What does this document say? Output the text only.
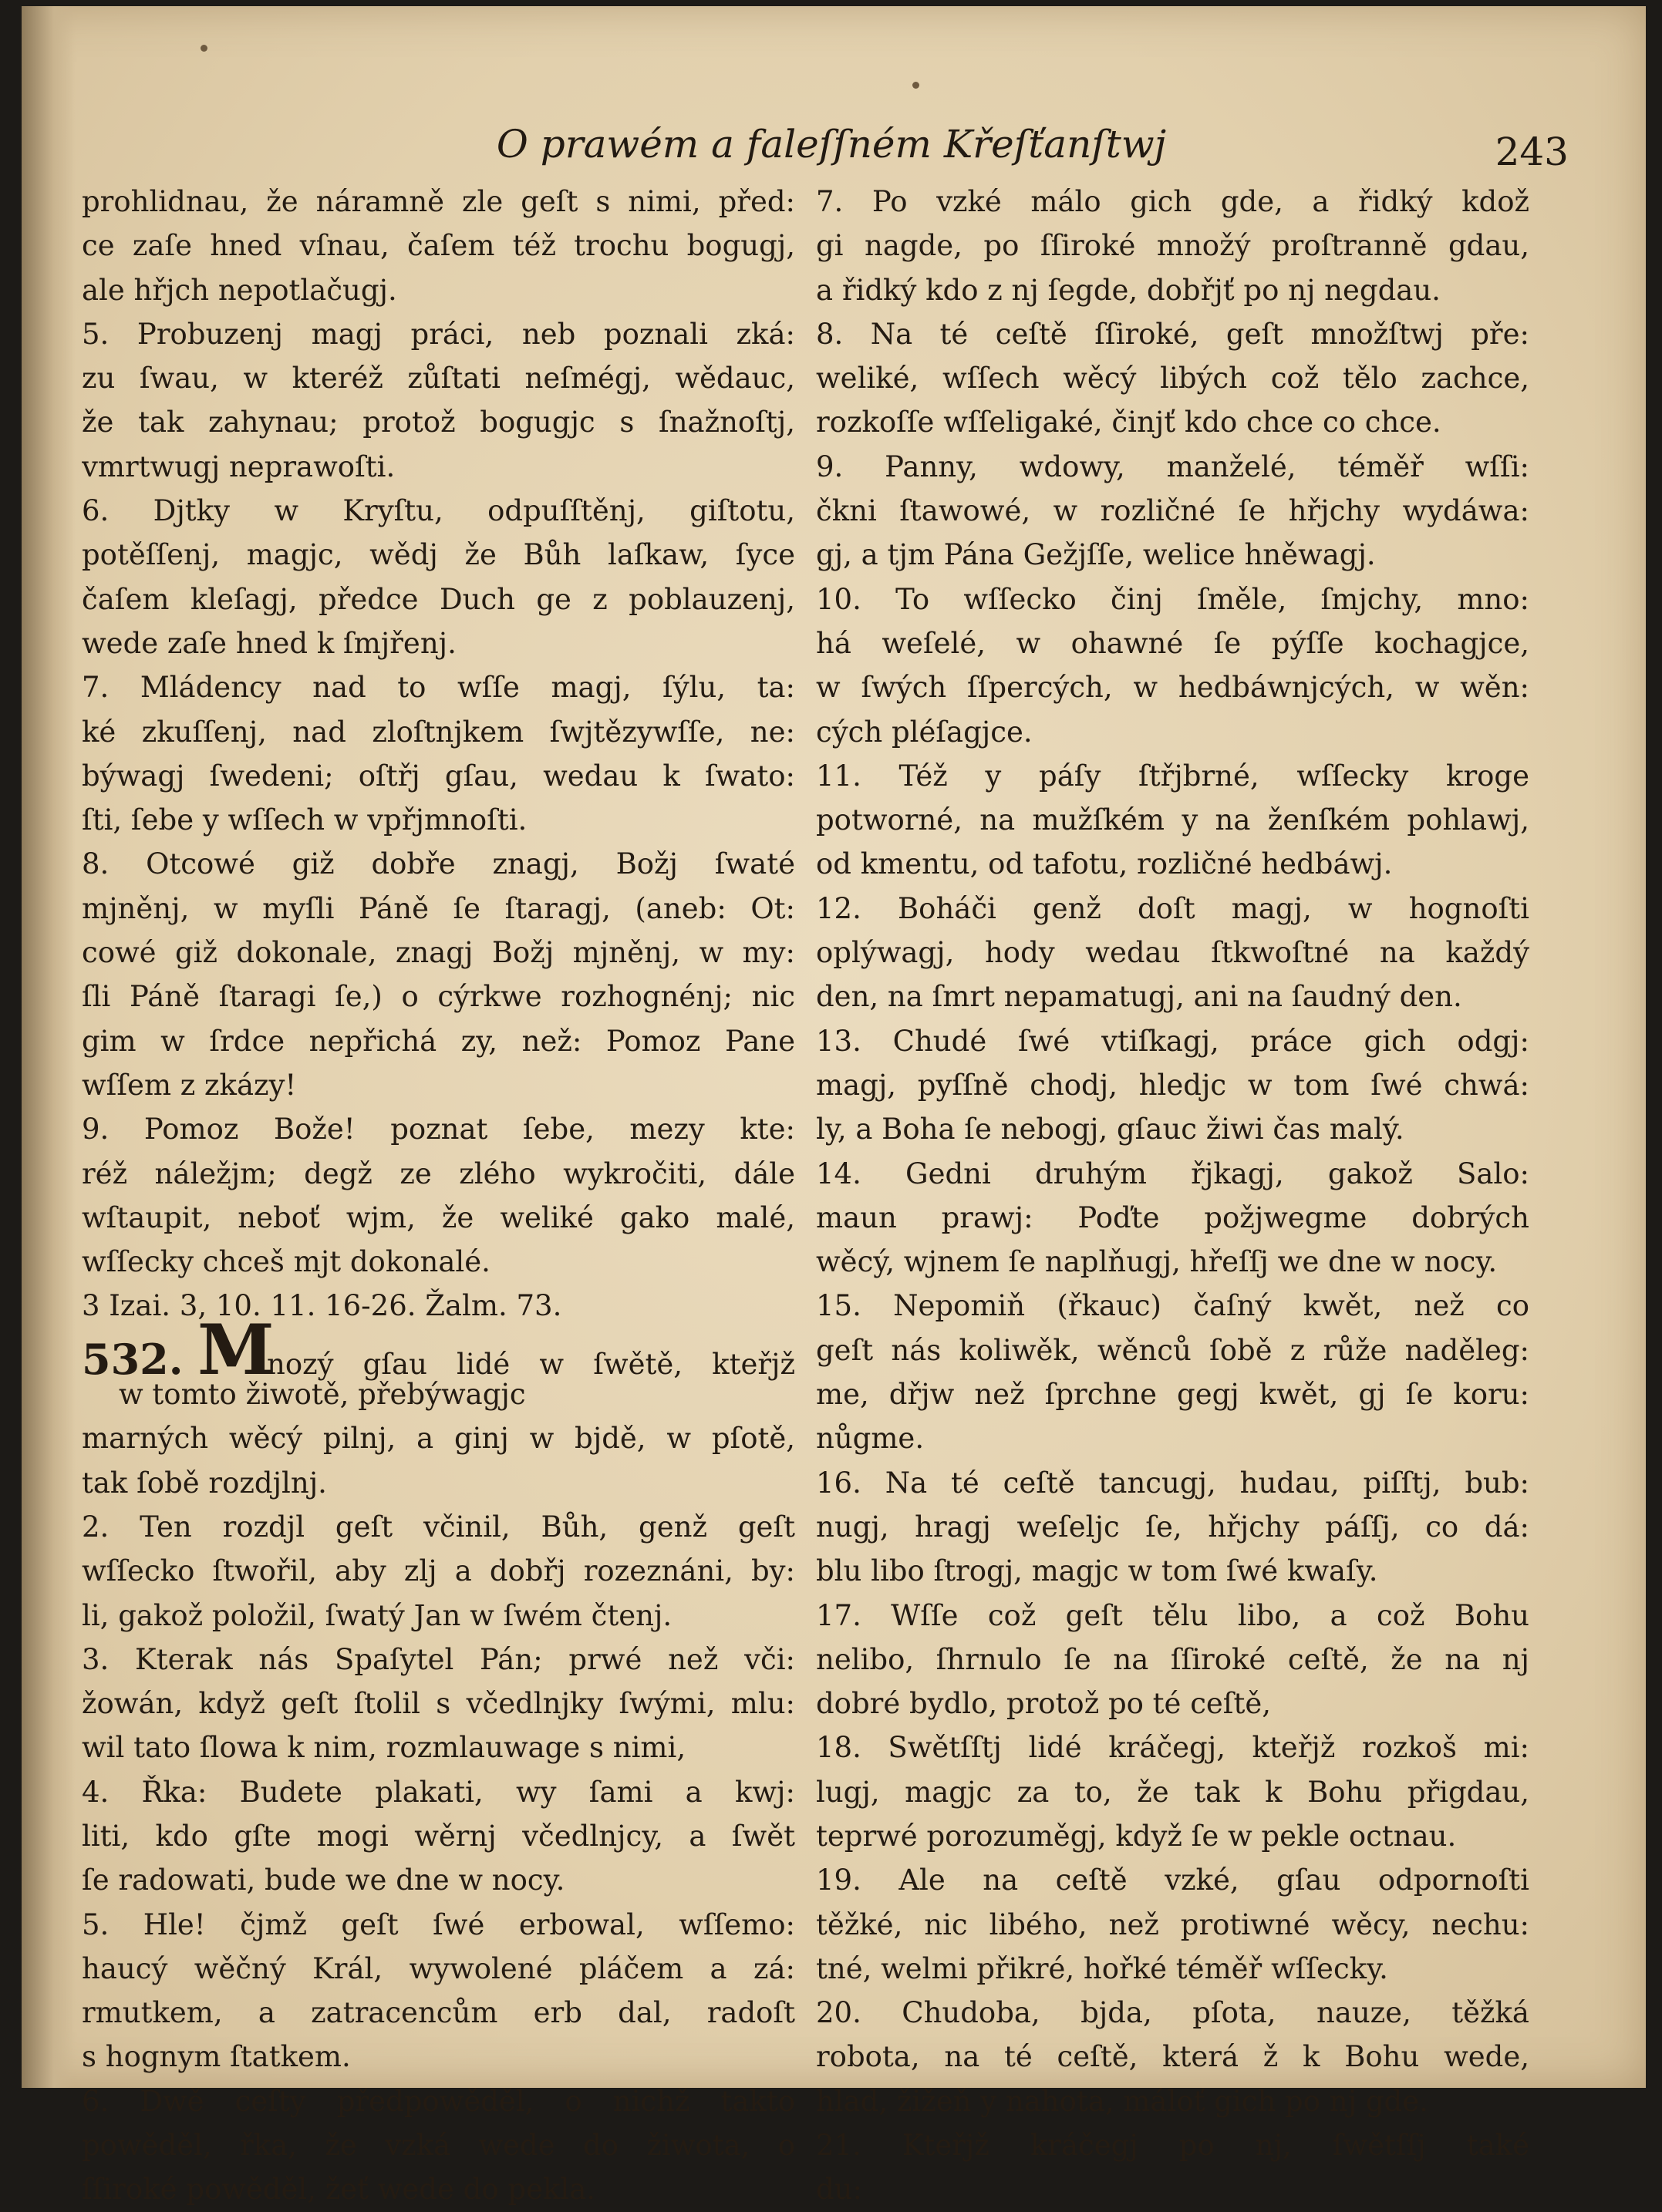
O prawém a faleſſném Křeſťanſtwj	243
prohlidnau, že náramně zle geſt s nimi, před:
ce zaſe hned vſnau, čaſem též trochu bogugj,
ale hřjch nepotlačugj.
5. Probuzenj magj práci, neb poznali zká:
zu ſwau, w kteréž zůſtati neſmégj, wědauc,
že tak zahynau; protož bogugjc s ſnažnoſtj,
vmrtwugj neprawoſti.
6. Djtky w Kryſtu, odpuſſtěnj, giſtotu,
potěſſenj, magjc, wědj že Bůh laſkaw, ſyce
čaſem kleſagj, předce Duch ge z poblauzenj,
wede zaſe hned k ſmjřenj.
7. Mládency nad to wſſe magj, ſýlu, ta:
ké zkuſſenj, nad zloſtnjkem ſwjtězywſſe, ne:
býwagj ſwedeni; oſtřj gſau, wedau k ſwato:
ſti, ſebe y wſſech w vpřjmnoſti.
8. Otcowé giž dobře znagj, Božj ſwaté
mjněnj, w myſli Páně ſe ſtaragj, (aneb: Ot:
cowé giž dokonale, znagj Božj mjněnj, w my:
ſli Páně ſtaragi ſe,) o cýrkwe rozhognénj; nic
gim w ſrdce nepřichá zy, než: Pomoz Pane
wſſem z zkázy!
9. Pomoz Bože! poznat ſebe, mezy kte:
réž náležjm; degž ze zlého wykročiti, dále
wſtaupit, neboť wjm, že weliké gako malé,
wſſecky chceš mjt dokonalé.
3 Izai. 3, 10. 11. 16-26. Žalm. 73.
532. M
nozý gſau lidé w ſwětě, kteřjž
w tomto žiwotě, přebýwagjc
marných wěcý pilnj, a ginj w bjdě, w pſotě,
tak ſobě rozdjlnj.
2. Ten rozdjl geſt včinil, Bůh, genž geſt
wſſecko ſtwořil, aby zlj a dobřj rozeznáni, by:
li, gakož položil, ſwatý Jan w ſwém čtenj.
3. Kterak nás Spaſytel Pán; prwé než vči:
žowán, když geſt ſtolil s včedlnjky ſwými, mlu:
wil tato ſlowa k nim, rozmlauwage s nimi,
4. Řka: Budete plakati, wy ſami a kwj:
liti, kdo gſte mogi wěrnj včedlnjcy, a ſwět
ſe radowati, bude we dne w nocy.
5. Hle! čjmž geſt ſwé erbowal, wſſemo:
haucý wěčný Král, wywolené pláčem a zá:
rmutkem, a zatracencům erb dal, radoſt
s hognym ſtatkem.
6. Dwě ceſty předpowěděl, o nichž takto
powěděl, řka, že vzká wede do žiwota, o
ſſiroké powěděl, žeť wede do pekla.
7. Po vzké málo gich gde, a řidký kdož
gi nagde, po ſſiroké množý proſtranně gdau,
a řidký kdo z nj ſegde, dobřjť po nj negdau.
8. Na té ceſtě ſſiroké, geſt množſtwj pře:
weliké, wſſech wěcý libých což tělo zachce,
rozkoſſe wſſeligaké, činjť kdo chce co chce.
9. Panny, wdowy, manželé, téměř wſſi:
čkni ſtawowé, w rozličné ſe hřjchy wydáwa:
gj, a tjm Pána Gežjſſe, welice hněwagj.
10. To wſſecko činj ſměle, ſmjchy, mno:
há weſelé, w ohawné ſe pýſſe kochagjce,
w ſwých ſſpercých, w hedbáwnjcých, w wěn:
cých pléſagjce.
11. Též y páſy ſtřjbrné, wſſecky kroge
potworné, na mužſkém y na ženſkém pohlawj,
od kmentu, od tafotu, rozličné hedbáwj.
12. Boháči genž doſt magj, w hognoſti
oplýwagj, hody wedau ſtkwoſtné na každý
den, na ſmrt nepamatugj, ani na ſaudný den.
13. Chudé ſwé vtiſkagj, práce gich odgj:
magj, pyſſně chodj, hledjc w tom ſwé chwá:
ly, a Boha ſe nebogj, gſauc žiwi čas malý.
14. Gedni druhým řjkagj, gakož Salo:
maun prawj: Poďte požjwegme dobrých
wěcý, wjnem ſe naplňugj, hřeſſj we dne w nocy.
15. Nepomiň (řkauc) čaſný kwět, než co
geſt nás koliwěk, wěnců ſobě z růže naděleg:
me, dřjw než ſprchne gegj kwět, gj ſe koru:
nůgme.
16. Na té ceſtě tancugj, hudau, piſſtj, bub:
nugj, hragj weſeljc ſe, hřjchy páſſj, co dá:
blu libo ſtrogj, magjc w tom ſwé kwaſy.
17. Wſſe což geſt tělu libo, a což Bohu
nelibo, ſhrnulo ſe na ſſiroké ceſtě, že na nj
dobré bydlo, protož po té ceſtě,
18. Swětſſtj lidé kráčegj, kteřjž rozkoš mi:
lugj, magjc za to, že tak k Bohu přigdau,
teprwé porozuměgj, když ſe w pekle octnau.
19. Ale na ceſtě vzké, gſau odpornoſti
těžké, nic libého, než protiwné wěcy, nechu:
tné, welmi přikré, hořké téměř wſſecky.
20. Chudoba, bjda, pſota, nauze, těžká
robota, na té ceſtě, která ž k Bohu wede,
hlad, žižeň y nahota, máloť gich po nj gde.
21. Kteřjž kráčegj po nj, ſwětſſj také
du:
